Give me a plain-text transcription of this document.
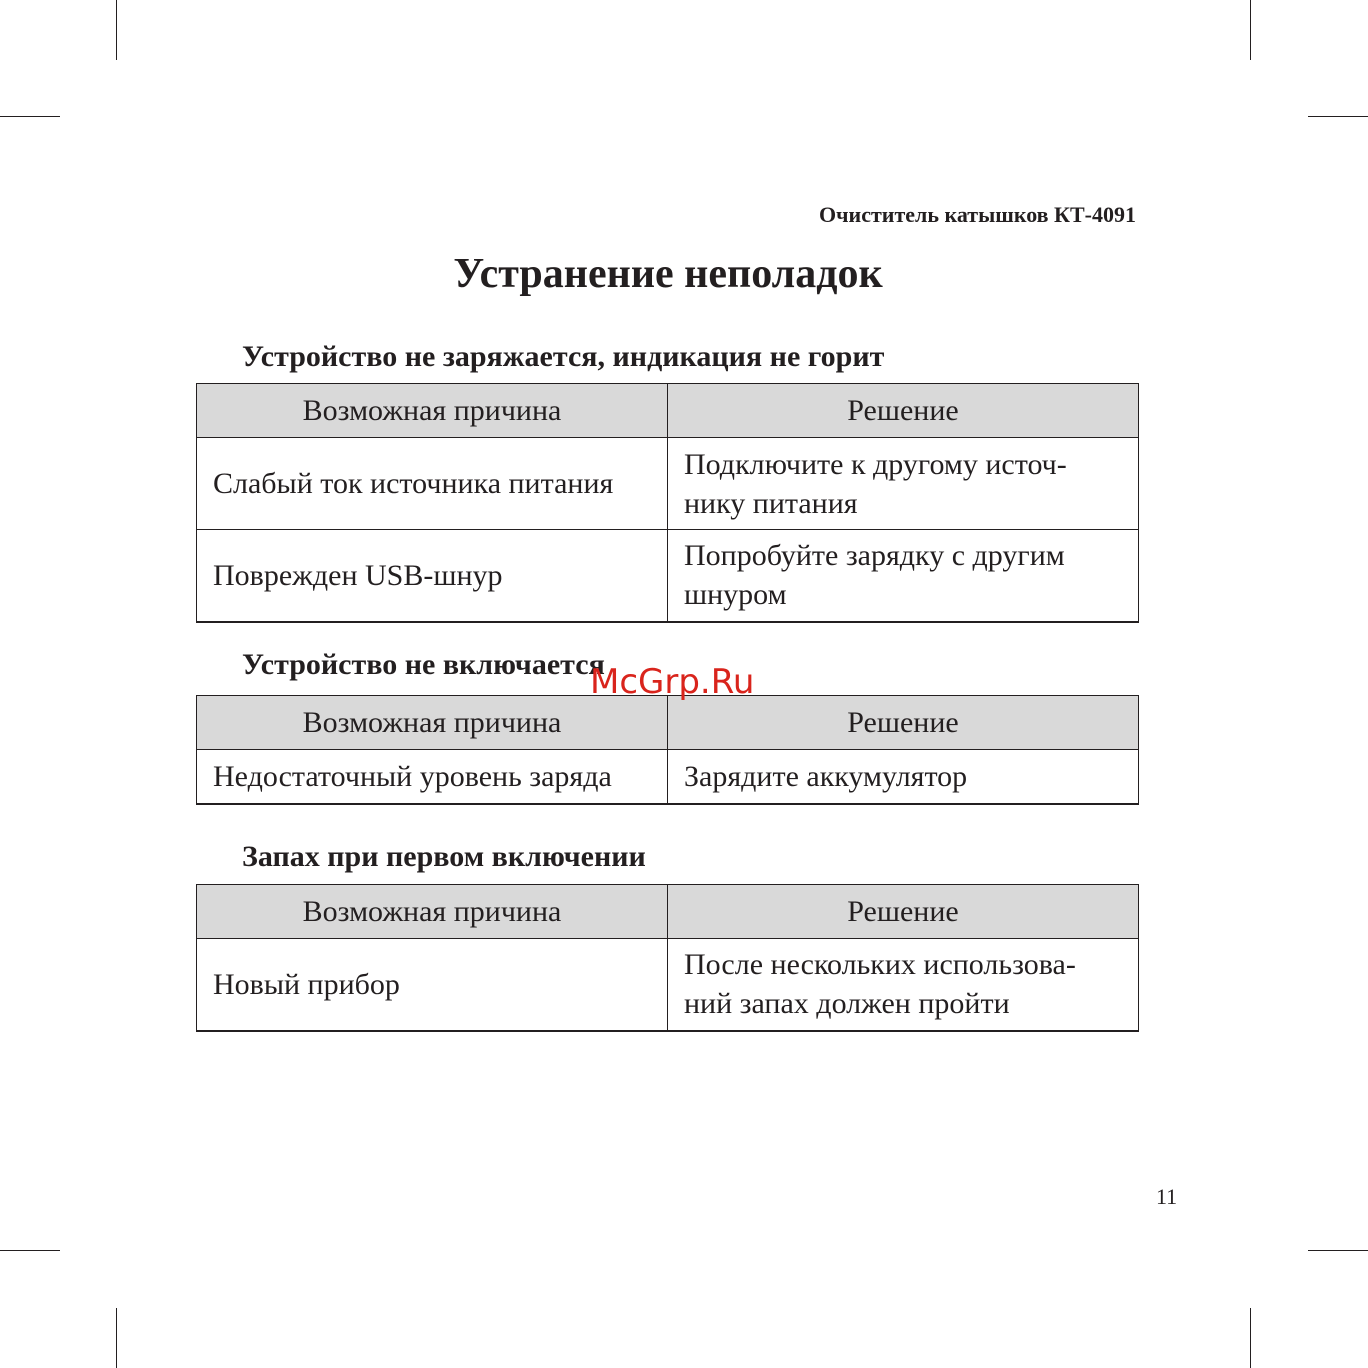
Очиститель катышков КТ-4091
Устранение неполадок
Устройство не заряжается, индикация не горит
Возможная причина	Решение
Слабый ток источника питания	Подключите к другому источ-нику питания
Поврежден USB-шнур	Попробуйте зарядку с другим шнуром
Устройство не включается
Возможная причина	Решение
Недостаточный уровень заряда	Зарядите аккумулятор
Запах при первом включении
Возможная причина	Решение
Новый прибор	После нескольких использова-ний запах должен пройти
McGrp.Ru
11
